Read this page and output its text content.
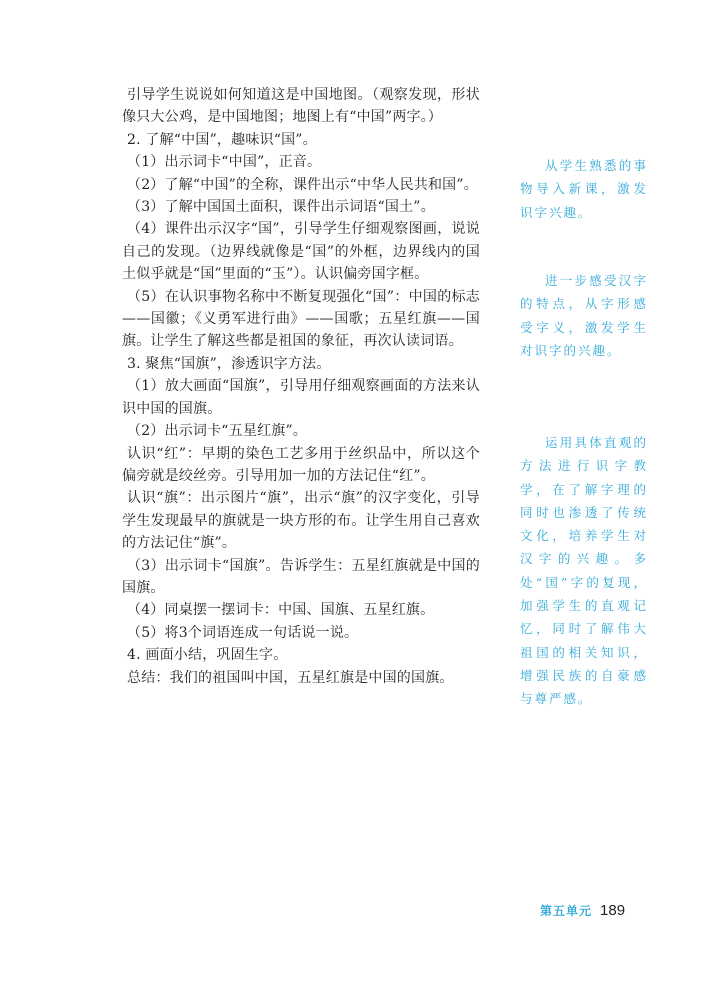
引导学生说说如何知道这是中国地图。（观察发现，形状像只大公鸡，是中国地图；地图上有“中国”两字。）

2. 了解“中国”，趣味识“国”。

（1）出示词卡“中国”，正音。

（2）了解“中国”的全称，课件出示“中华人民共和国”。

（3）了解中国国土面积，课件出示词语“国土”。

（4）课件出示汉字“国”，引导学生仔细观察图画，说说自己的发现。（边界线就像是“国”的外框，边界线内的国土似乎就是“国”里面的“玉”）。认识偏旁国字框。

（5）在认识事物名称中不断复现强化“国”：中国的标志——国徽；《义勇军进行曲》——国歌；五星红旗——国旗。让学生了解这些都是祖国的象征，再次认读词语。

3. 聚焦“国旗”，渗透识字方法。

（1）放大画面“国旗”，引导用仔细观察画面的方法来认识中国的国旗。

（2）出示词卡“五星红旗”。

认识“红”：早期的染色工艺多用于丝织品中，所以这个偏旁就是绞丝旁。引导用加一加的方法记住“红”。

认识“旗”：出示图片“旗”，出示“旗”的汉字变化，引导学生发现最早的旗就是一块方形的布。让学生用自己喜欢的方法记住“旗”。

（3）出示词卡“国旗”。告诉学生：五星红旗就是中国的国旗。

（4）同桌摆一摆词卡：中国、国旗、五星红旗。

（5）将3个词语连成一句话说一说。

4. 画面小结，巩固生字。

总结：我们的祖国叫中国，五星红旗是中国的国旗。

从学生熟悉的事物导入新课，激发识字兴趣。

进一步感受汉字的特点，从字形感受字义，激发学生对识字的兴趣。

运用具体直观的方法进行识字教学，在了解字理的同时也渗透了传统文化，培养学生对汉字的兴趣。多处“国”字的复现，加强学生的直观记忆，同时了解伟大祖国的相关知识，增强民族的自豪感与尊严感。

第五单元 189
